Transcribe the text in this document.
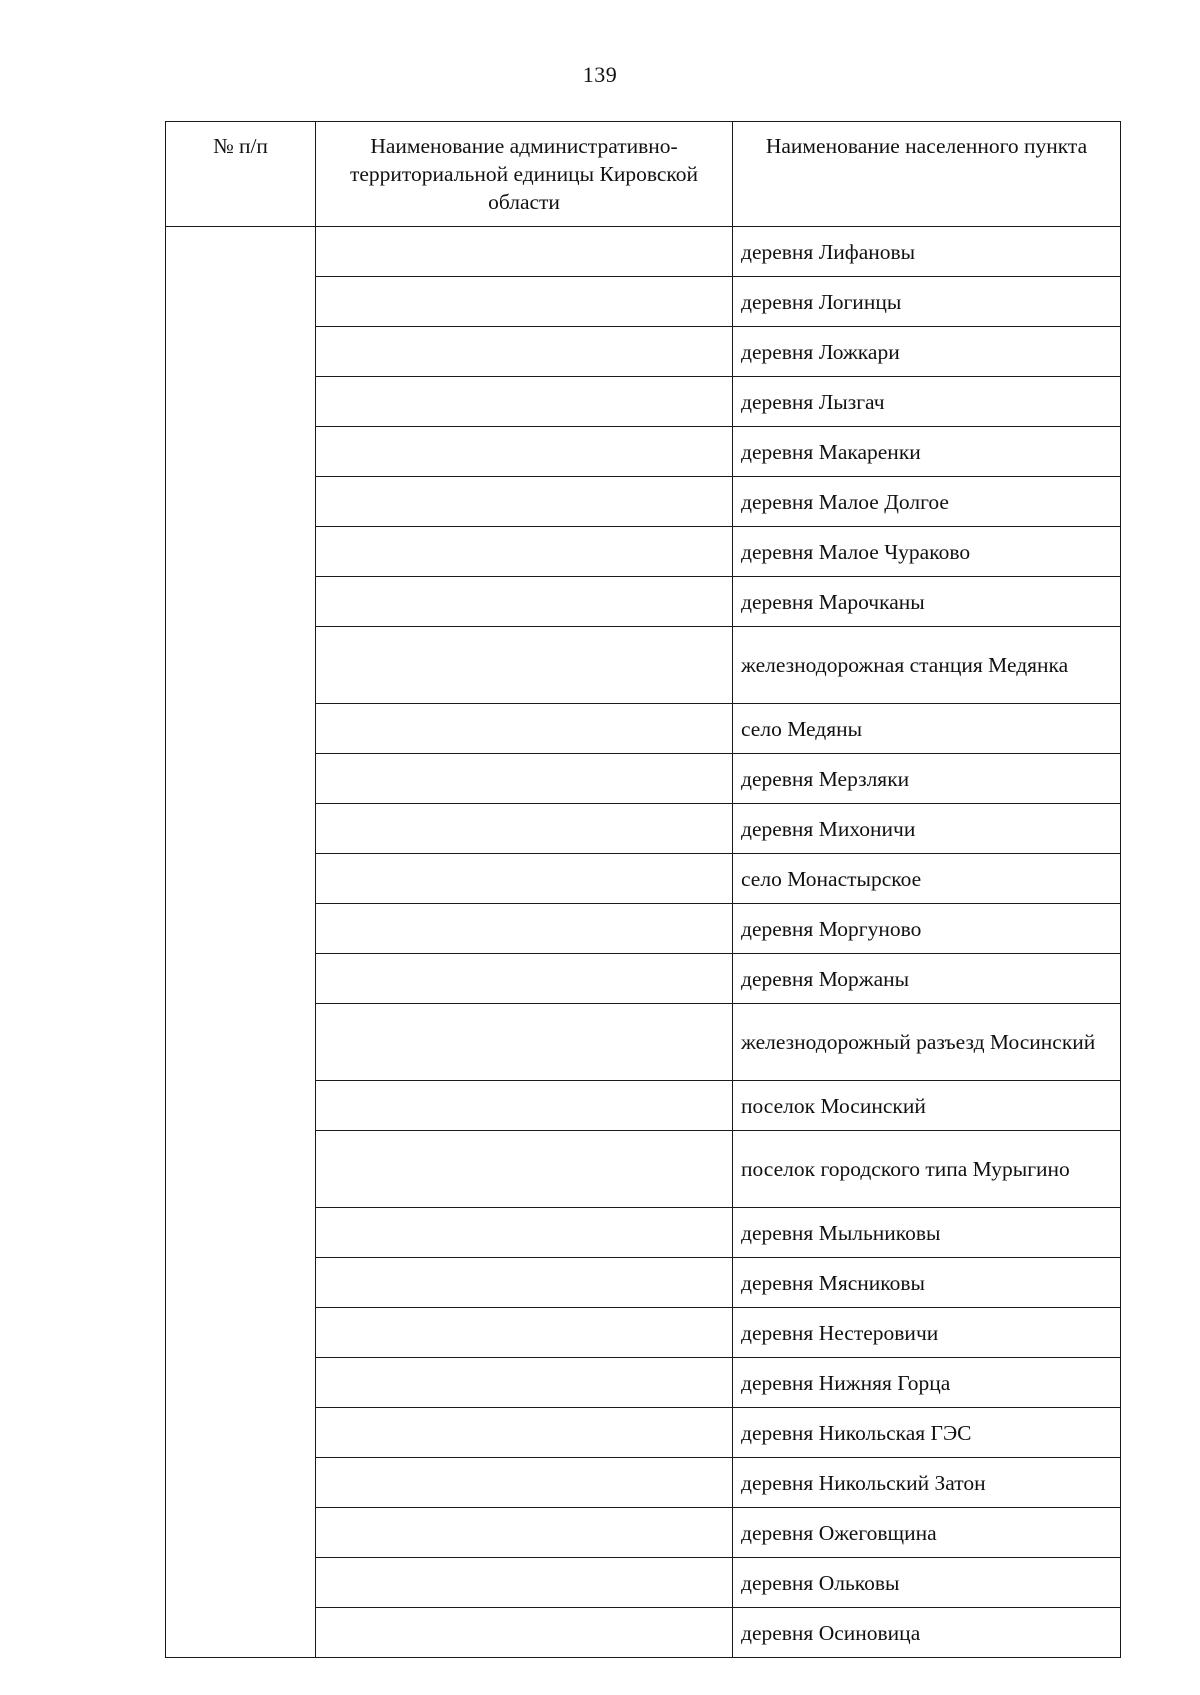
139
№ п/п	Наименование административно-территориальной единицы Кировской области	Наименование населенного пункта
		деревня Лифановы
		деревня Логинцы
		деревня Ложкари
		деревня Лызгач
		деревня Макаренки
		деревня Малое Долгое
		деревня Малое Чураково
		деревня Марочканы
		железнодорожная станция Медянка
		село Медяны
		деревня Мерзляки
		деревня Михоничи
		село Монастырское
		деревня Моргуново
		деревня Моржаны
		железнодорожный разъезд Мосинский
		поселок Мосинский
		поселок городского типа Мурыгино
		деревня Мыльниковы
		деревня Мясниковы
		деревня Нестеровичи
		деревня Нижняя Горца
		деревня Никольская ГЭС
		деревня Никольский Затон
		деревня Ожеговщина
		деревня Ольковы
		деревня Осиновица
